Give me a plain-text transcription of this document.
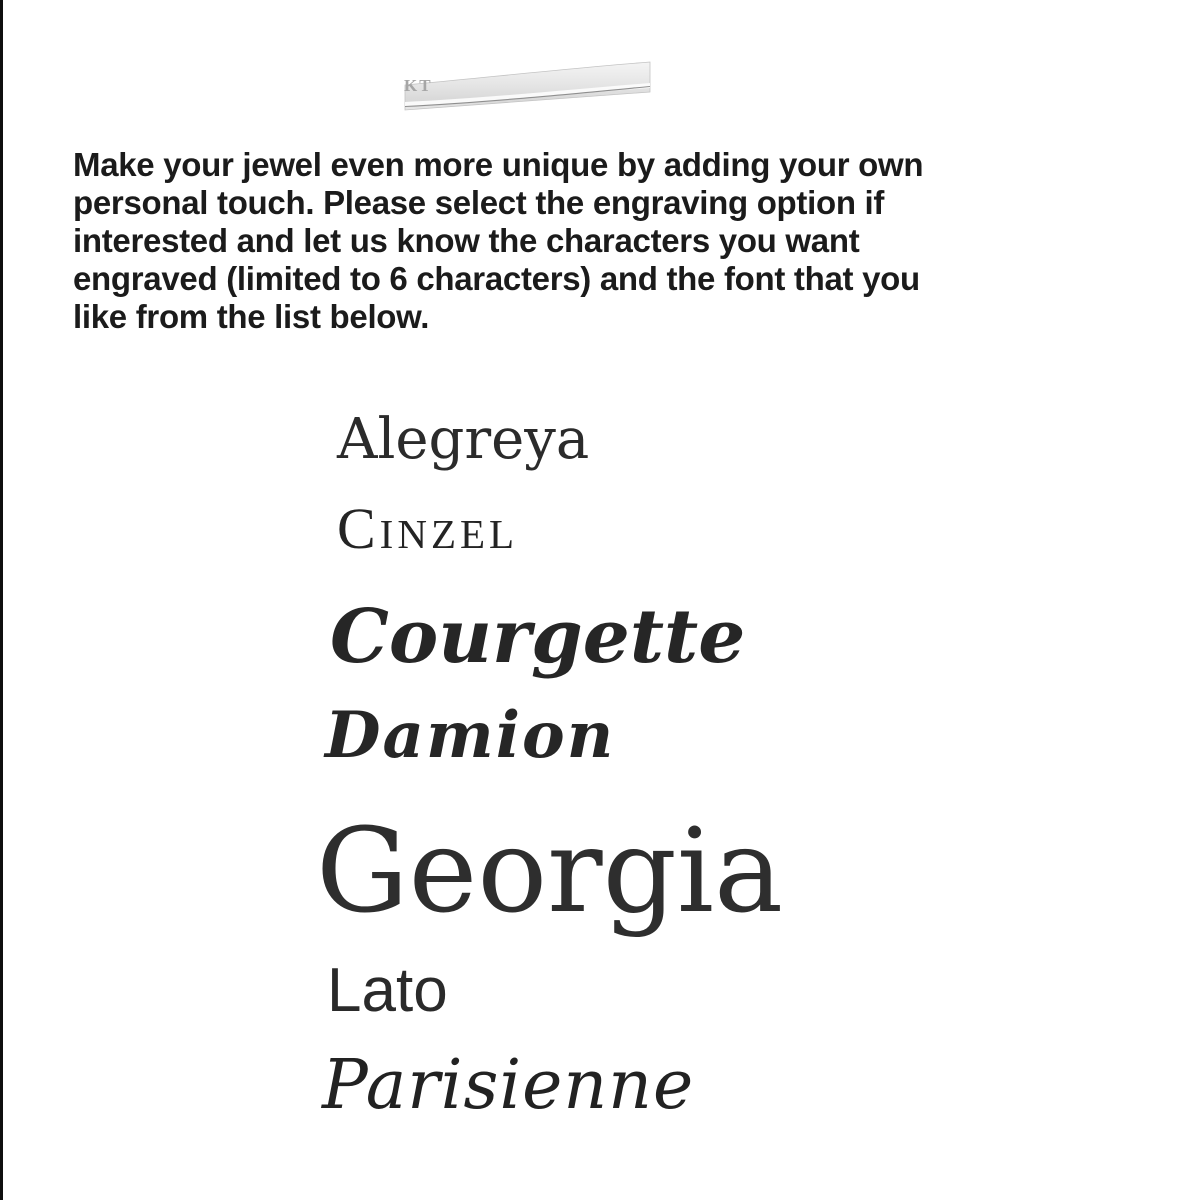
KT
Make your jewel even more unique by adding your own
personal touch. Please select the engraving option if
interested and let us know the characters you want
engraved (limited to 6 characters) and the font that you
like from the list below.
Alegreya
Cinzel
Courgette
Damion
Georgia
Lato
Parisienne
